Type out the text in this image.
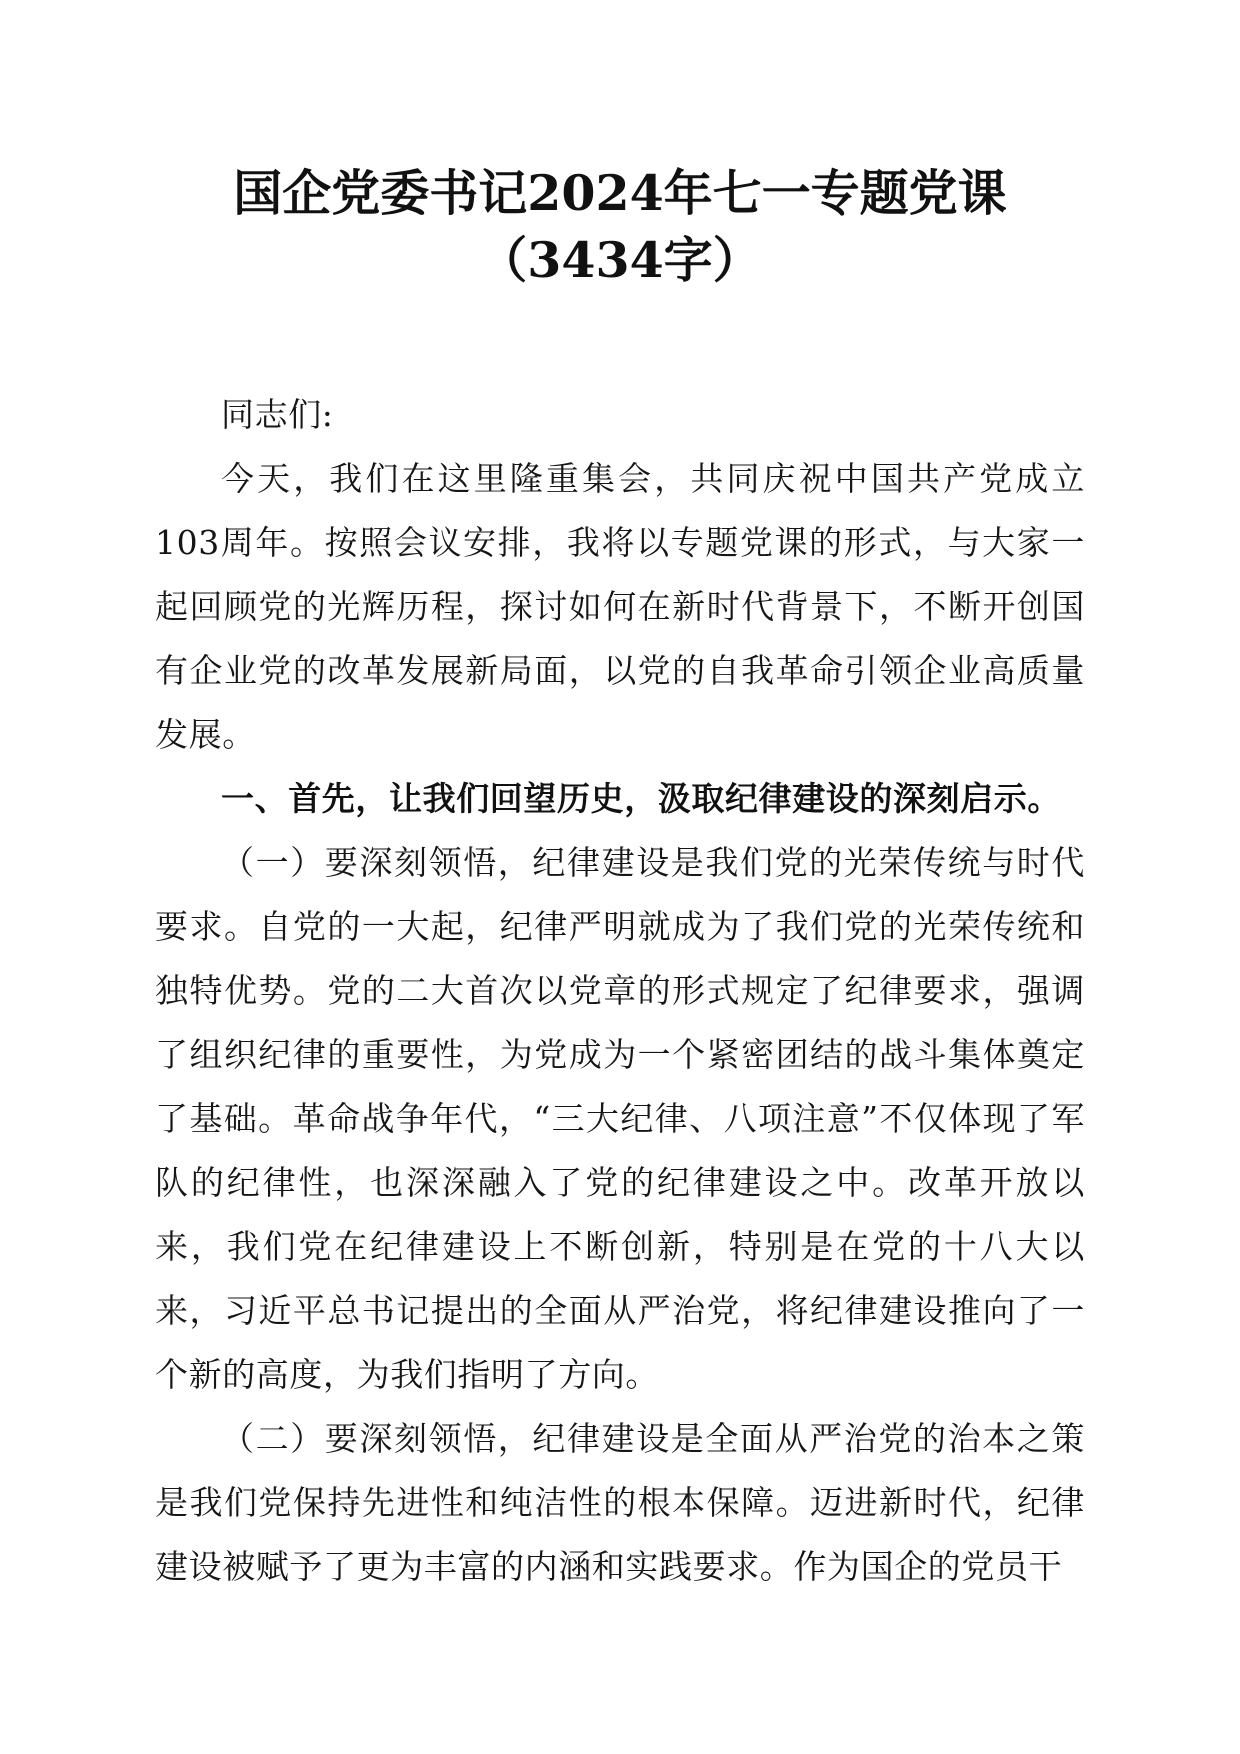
国企党委书记2024年七一专题党课（3434字）

同志们:

今天，我们在这里隆重集会，共同庆祝中国共产党成立103周年。按照会议安排，我将以专题党课的形式，与大家一起回顾党的光辉历程，探讨如何在新时代背景下，不断开创国有企业党的改革发展新局面，以党的自我革命引领企业高质量发展。

一、首先，让我们回望历史，汲取纪律建设的深刻启示。

（一）要深刻领悟，纪律建设是我们党的光荣传统与时代要求。自党的一大起，纪律严明就成为了我们党的光荣传统和独特优势。党的二大首次以党章的形式规定了纪律要求，强调了组织纪律的重要性，为党成为一个紧密团结的战斗集体奠定了基础。革命战争年代，“三大纪律、八项注意”不仅体现了军队的纪律性，也深深融入了党的纪律建设之中。改革开放以来，我们党在纪律建设上不断创新，特别是在党的十八大以来，习近平总书记提出的全面从严治党，将纪律建设推向了一个新的高度，为我们指明了方向。

（二）要深刻领悟，纪律建设是全面从严治党的治本之策是我们党保持先进性和纯洁性的根本保障。迈进新时代，纪律建设被赋予了更为丰富的内涵和实践要求。作为国企的党员干
